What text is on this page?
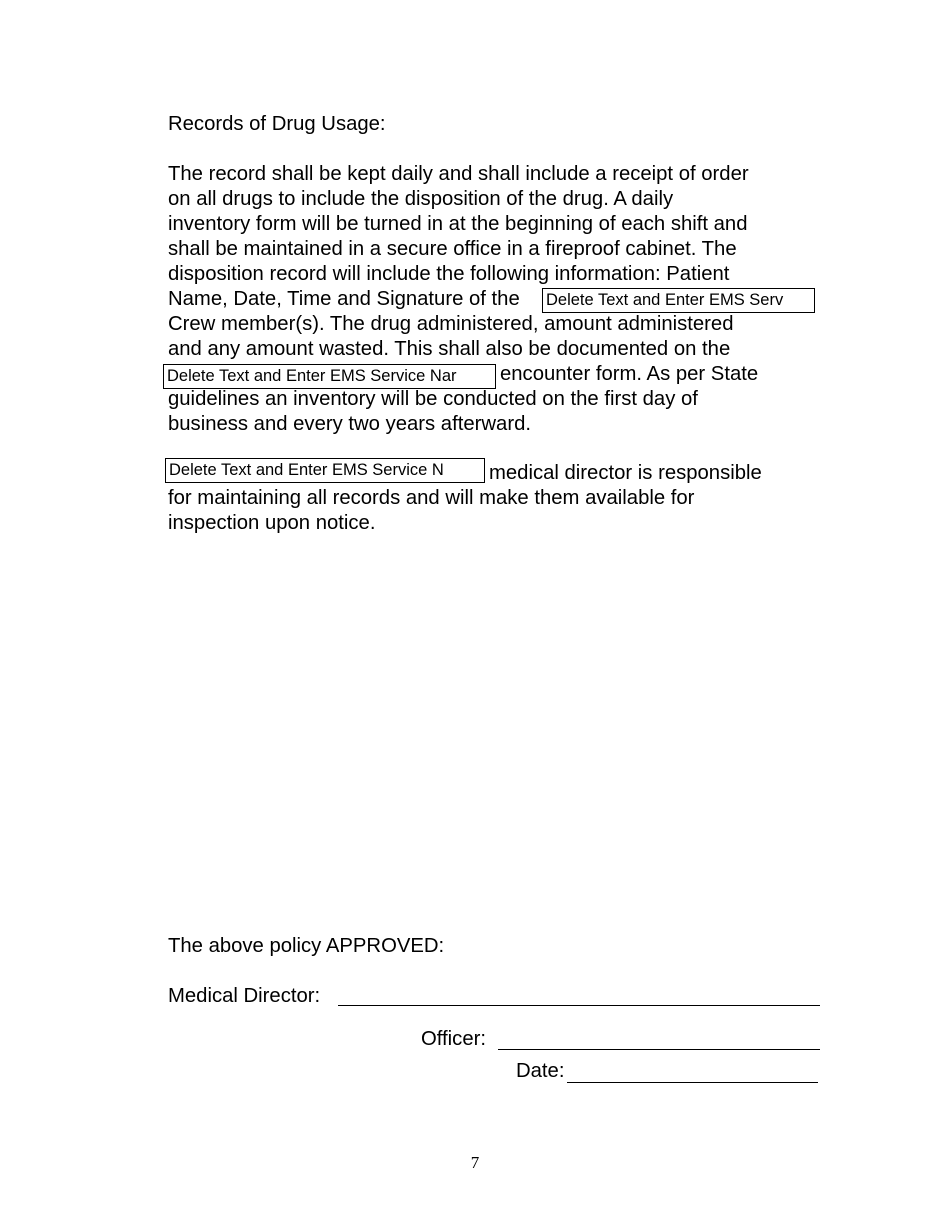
Records of Drug Usage:
The record shall be kept daily and shall include a receipt of order
on all drugs to include the disposition of the drug. A daily
inventory form will be turned in at the beginning of each shift and
shall be maintained in a secure office in a fireproof cabinet. The
disposition record will include the following information: Patient
Name, Date, Time and Signature of the
Delete Text and Enter EMS Serv
Crew member(s). The drug administered, amount administered
and any amount wasted. This shall also be documented on the
Delete Text and Enter EMS Service Nar
encounter form. As per State
guidelines an inventory will be conducted on the first day of
business and every two years afterward.
Delete Text and Enter EMS Service N
medical director is responsible
for maintaining all records and will make them available for
inspection upon notice.
The above policy APPROVED:
Medical Director:
Officer:
Date:
7
